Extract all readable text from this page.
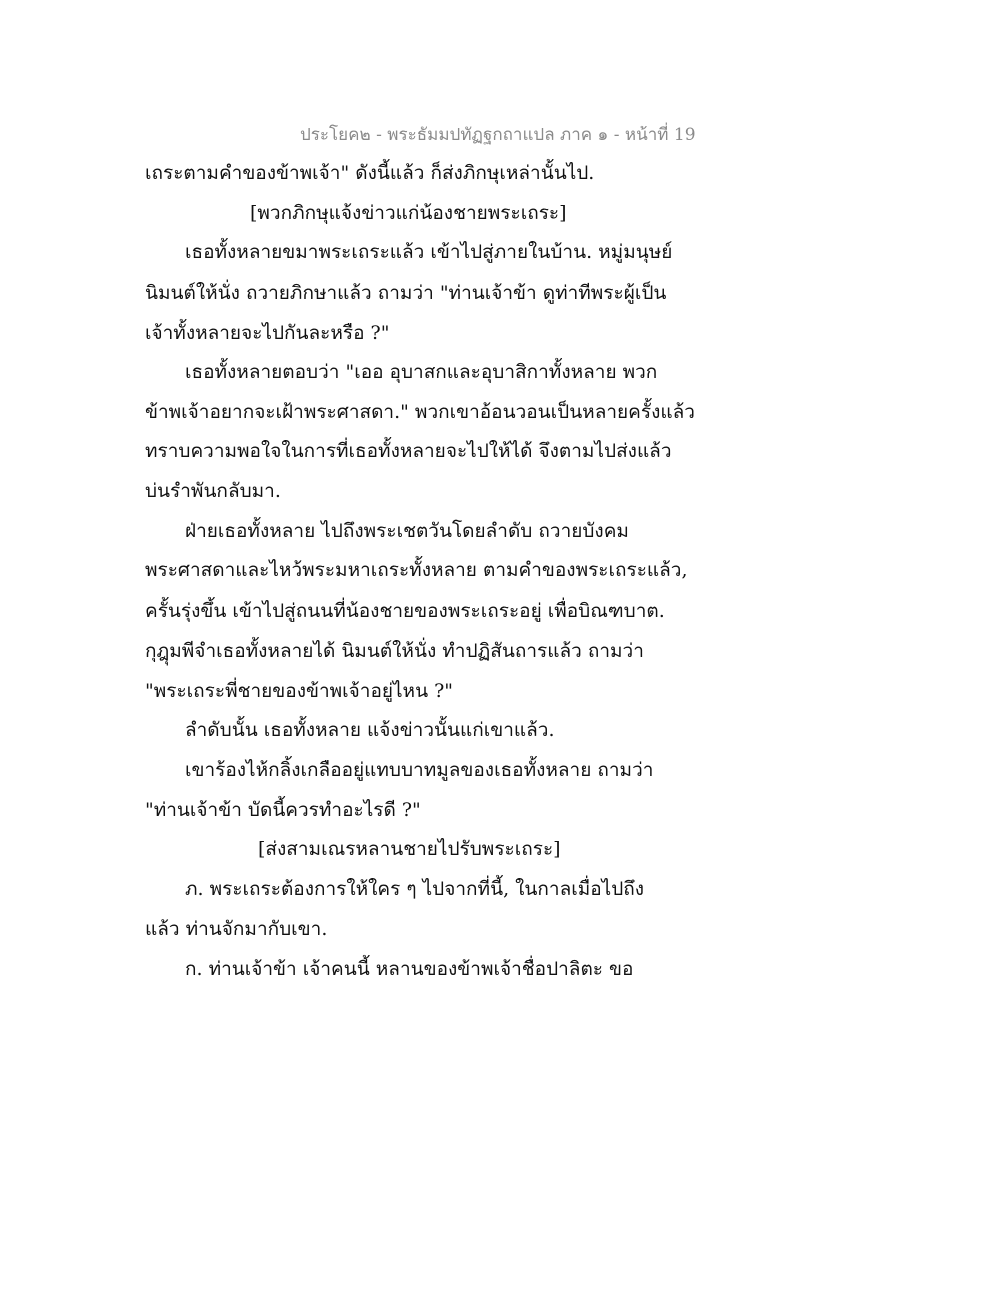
ประโยค๒ - พระธัมมปทัฏฐกถาแปล ภาค ๑ - หน้าที่ 19
เถระตามคำของข้าพเจ้า" ดังนี้แล้ว ก็ส่งภิกษุเหล่านั้นไป.
[พวกภิกษุแจ้งข่าวแก่น้องชายพระเถระ]
เธอทั้งหลายขมาพระเถระแล้ว เข้าไปสู่ภายในบ้าน. หมู่มนุษย์
นิมนต์ให้นั่ง ถวายภิกษาแล้ว ถามว่า "ท่านเจ้าข้า ดูท่าทีพระผู้เป็น
เจ้าทั้งหลายจะไปกันละหรือ ?"
เธอทั้งหลายตอบว่า "เออ อุบาสกและอุบาสิกาทั้งหลาย พวก
ข้าพเจ้าอยากจะเฝ้าพระศาสดา." พวกเขาอ้อนวอนเป็นหลายครั้งแล้ว
ทราบความพอใจในการที่เธอทั้งหลายจะไปให้ได้ จึงตามไปส่งแล้ว
บ่นรำพันกลับมา.
ฝ่ายเธอทั้งหลาย ไปถึงพระเชตวันโดยลำดับ ถวายบังคม
พระศาสดาและไหว้พระมหาเถระทั้งหลาย ตามคำของพระเถระแล้ว,
ครั้นรุ่งขึ้น เข้าไปสู่ถนนที่น้องชายของพระเถระอยู่ เพื่อบิณฑบาต.
กุฎุมพีจำเธอทั้งหลายได้ นิมนต์ให้นั่ง ทำปฏิสันถารแล้ว ถามว่า
"พระเถระพี่ชายของข้าพเจ้าอยู่ไหน ?"
ลำดับนั้น เธอทั้งหลาย แจ้งข่าวนั้นแก่เขาแล้ว.
เขาร้องไห้กลิ้งเกลืออยู่แทบบาทมูลของเธอทั้งหลาย ถามว่า
"ท่านเจ้าข้า บัดนี้ควรทำอะไรดี ?"
[ส่งสามเณรหลานชายไปรับพระเถระ]
ภ. พระเถระต้องการให้ใคร ๆ ไปจากที่นี้, ในกาลเมื่อไปถึง
แล้ว ท่านจักมากับเขา.
ก. ท่านเจ้าข้า เจ้าคนนี้ หลานของข้าพเจ้าชื่อปาลิตะ ขอ
